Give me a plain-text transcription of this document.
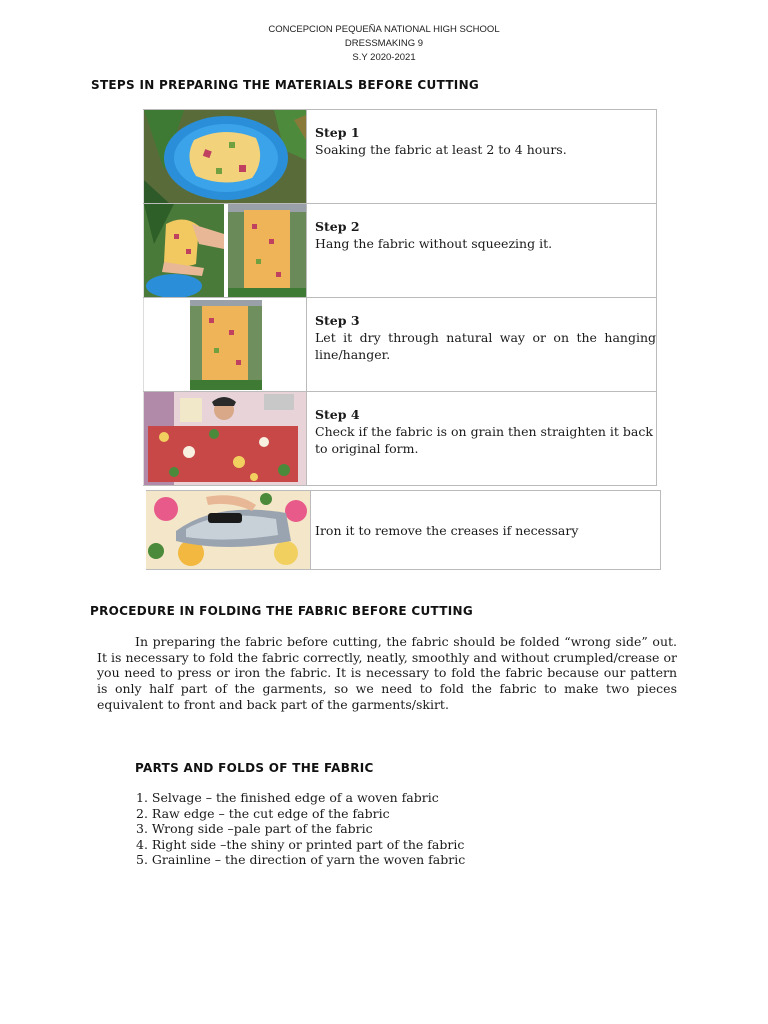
CONCEPCION PEQUEÑA NATIONAL HIGH SCHOOL
DRESSMAKING 9
S.Y 2020-2021
STEPS IN PREPARING THE MATERIALS BEFORE CUTTING
Step 1
Soaking the fabric at least 2 to 4 hours.
Step 2
Hang the fabric without squeezing it.
Step 3
Let it dry through natural way or on the hanging line/hanger.
Step 4
Check if the fabric is on grain then straighten it back to original form.
Iron it to remove the creases if necessary
PROCEDURE IN FOLDING THE FABRIC BEFORE CUTTING

In preparing the fabric before cutting, the fabric should be folded “wrong side” out. It is necessary to fold the fabric correctly, neatly, smoothly and without crumpled/crease or you need to press or iron the fabric. It is necessary to fold the fabric because our pattern is only half part of the garments, so we need to fold the fabric to make two pieces equivalent to front and back part of the garments/skirt.

PARTS AND FOLDS OF THE FABRIC
1. Selvage – the finished edge of a woven fabric
2. Raw edge – the cut edge of the fabric
3. Wrong side –pale part of the fabric
4. Right side –the shiny or printed part of the fabric
5. Grainline – the direction of yarn the woven fabric
